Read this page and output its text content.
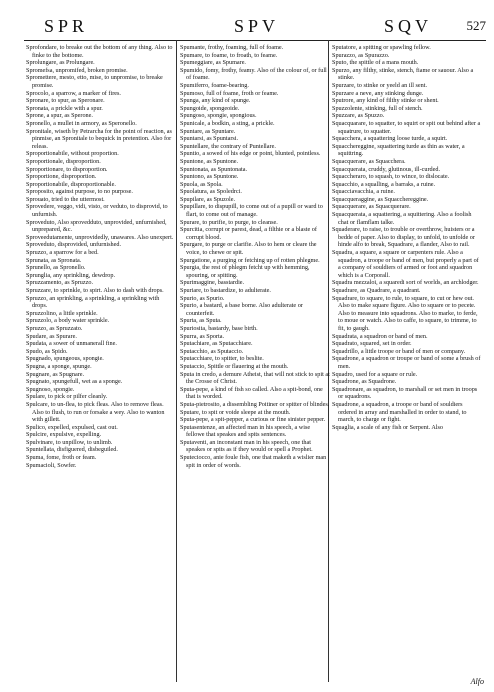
SPR	SPV	SQV	527
Sprofondare, to breake out the bottom of any thing. Also to finke to the bottome.
Sprolungare, as Prolungare.
Spromefsa, unpromifed, broken promise.
Spromettere, mesto, etto, mise, to unpromise, to breake promise.
Sprocolo, a sparrow, a marker of fires.
Spronare, to spur, as Speronare.
Spronata, a prickle with a spur.
Sprone, a spur, as Sperone.
Spronello, a mullet in armory, as Speronello.
Spronitale, wiseth by Petrarcha for the point of reaction, as pinmise, an Spronitale to bequick in pretention. Also for releas.
Sproportionabile, without proportion.
Sproportionale, disproportion.
Sproportionare, to disproportion.
Sproportione, disproportion.
Sproportionabile, disproportionable.
Sproposito, against purpose, to no purpose.
Sprouato, tried to the uttermost.
Sprovedere, veggo, vidi, visto, or veduto, to disprovid, to unfurnish.
Sproveduto, Also sprovedduto, unprovided, unfurnished, unprepared, &c.
Sproveedutamente, unprovidedly, unawares. Also unexpert.
Sproveduto, disprovided, unfurnished.
Spruzzo, a sparrow for a bed.
Sprunata, as Spronata.
Sprunello, as Spronello.
Sprunglia, any sprinkling, dewdrop.
Spruzzamento, as Spruzzo.
Spruzzare, to sprinkle, to spirt. Also to dash with drops.
Spruzzo, an sprinkling, a sprinkling, a sprinkling with drops.
Spruzzolino, a little sprinkle.
Spruzzolo, a body water sprinkle.
Spruzzo, as Spruzzato.
Spudare, as Spurare.
Spudata, a sower of unmanerall fine.
Spudo, as Spido.
Spugnado, spungeous, spongie.
Spugna, a sponge, spunge.
Spugnare, as Spugnare.
Spugnato, spungefull, wet as a sponge.
Spugnoso, spongie.
Spulare, to pick or pilfer cleanly.
Spulcare, to un-flea, to pick fleas. Also to remove fleas. Also to flush, to run or forsake a wey. Also to wanton with gillett.
Spulico, expelled, expulsed, cast out.
Spulcire, expulsive, expelling.
Spulvinare, to unpillow, to unlimb.
Spuntellata, disfiguered, disbeguiled.
Spuma, fome, froth or feam.
Spumacioli, Sowfer.
Spumante, frothy, foaming, full of foame.
Spumare, to foame, to froath, to feame.
Spumeggiare, as Spumare.
Spumido, fomy, frothy, feamy. Also of the colour of, or full of foame.
Spumiferro, foame-bearing.
Spumoso, full of foame, froth or feame.
Spunga, any kind of spunge.
Spungoide, spongeoide.
Spungoso, spongie, spongious.
Spunicale, a bodkin, a sting, a prickle.
Spuntare, as Spuntare.
Spuntarsi, as Spuntarsi.
Spuntellare, the contrary of Puntellare.
Spuntio, a sowed of his edge or point, blunted, pointless.
Spuntone, as Spuntone.
Spuntonata, as Spuntonata.
Spuntono, as Spuntone.
Spuola, as Spola.
Spuolatura, as Spoledrci.
Spupilare, as Spuzole.
Spupillare, to dispupill, to come out of a pupill or ward to flart, to come out of manage.
Spurare, to purifie, to purge, to cleanse.
Spurcitia, corrupt or parest, dead, a filthie or a blaste of corrupt blood.
Spurgare, to purge or clarifie. Also to hem or cleare the voice, to chewe or spit.
Spurgatione, a purging or fetching up of rotten phlegme.
Spurgia, the rest of phlegm fetcht up with hemming, spouring, or spitting.
Spurimaggine, basstardie.
Spuriare, to bastardize, to adulterate.
Spurio, as Spurio.
Spurio, a bastard, a base borne. Also adulterate or counterfeit.
Spurta, as Sputa.
Spuriosita, bastardy, base birth.
Spurra, as Sporta.
Sputachiare, as Sputacchiare.
Sputacchio, as Sputaccio.
Sputacchiare, to spitter, to beslite.
Sputaccio, Spittle or flauering at the mouth.
Sputa in credo, a demure Atheist, that will not stick to spit at the Crosse of Christ.
Sputa-pepe, a kind of fish so called. Also a spit-bond, one that is worded.
Sputa-pietrosito, a dissembling Poitiner or spitter of blindes.
Sputare, to spit or voide sleepe at the mouth.
Sputa-pepe, a spit-pepper, a curious or fine sinister pepper.
Sputasentenze, an affected man in his speech, a wise fellowe that speakes and spits sentences.
Sputaventi, an inconstant man in his speech, one that speakes or spits as if they would or spell a Prophet.
Sputeciocco, anie foule fish, one that maketh a wislier man spit in order of words.
Sputatore, a spitting or spawling fellow.
Spurazzo, as Spurazzo.
Sputo, the spittle of a mans mouth.
Spurzo, any filthy, stinke, stench, fiame or sauour. Also a stinke.
Spurzare, to stinke or yeeld an ill sent.
Spurzare a neve, any stinking dunge.
Sputrore, any kind of filthy stinke or shent.
Spuzzolente, stinking, full of stench.
Spuzzare, as Spuzzo.
Squacquarare, to squatter, to squirt or spit out behind after a squatrure, to squatter.
Squacchera, a squattering loose turde, a squirt.
Squacchereggine, squattering turde as thin as water, a squittring.
Squacquerare, as Squacchera.
Squacquerata, cruddy, glutinous, ill-curded.
Squaccheraro, to squash, to wince, to dislocate.
Squacchio, a squalling, a barraks, a ruine.
Squacciavacchia, a ruine.
Squacqueraggine, as Squacchereggine.
Squacquerare, as Squacquerare.
Squacquerata, a squattering, a squittering. Also a foolish chat or flamflam talke.
Squaderare, to raise, to trouble or overthrow, huisters or a bedde of paper. Also to display, to unfold, to unfolde or hinde alfo to break, Squadrare, a flander, Also to rail.
Squadra, a square, a square or carpenters rule. Also a squadron, a troope or band of men, but properly a part of a company of souldiers of armed or foot and squadron which is a Corporall.
Squadra mezzaloi, a squaredi sort of worlds, an archlodger.
Squadrare, as Quadrare, a quadrant.
Squadrare, to square, to rule, to square, to cut or hew out. Also to make square figure. Also to square or to pecete. Also to measure into squadrons. Also to marke, to ferde, to moue or watch. Also to caffe, to square, to trimme, to fit, to gaugh.
Squadrata, a squadron or band of men.
Squadrato, squared, set in order.
Squadrillo, a little troope or band of men or company.
Squadrone, a squadron or troupe or band of some a brush of men.
Squadro, used for a square or rule.
Squadrone, as Squadrone.
Squadronare, as squadron, to marshall or set men in troops or squadrons.
Squadrone, a squadron, a troope or band of souldiers ordered in array and marshalled in order to stand, to march, to charge or fight.
Squaglia, a scale of any fish or Serpent. Also
Alfo
